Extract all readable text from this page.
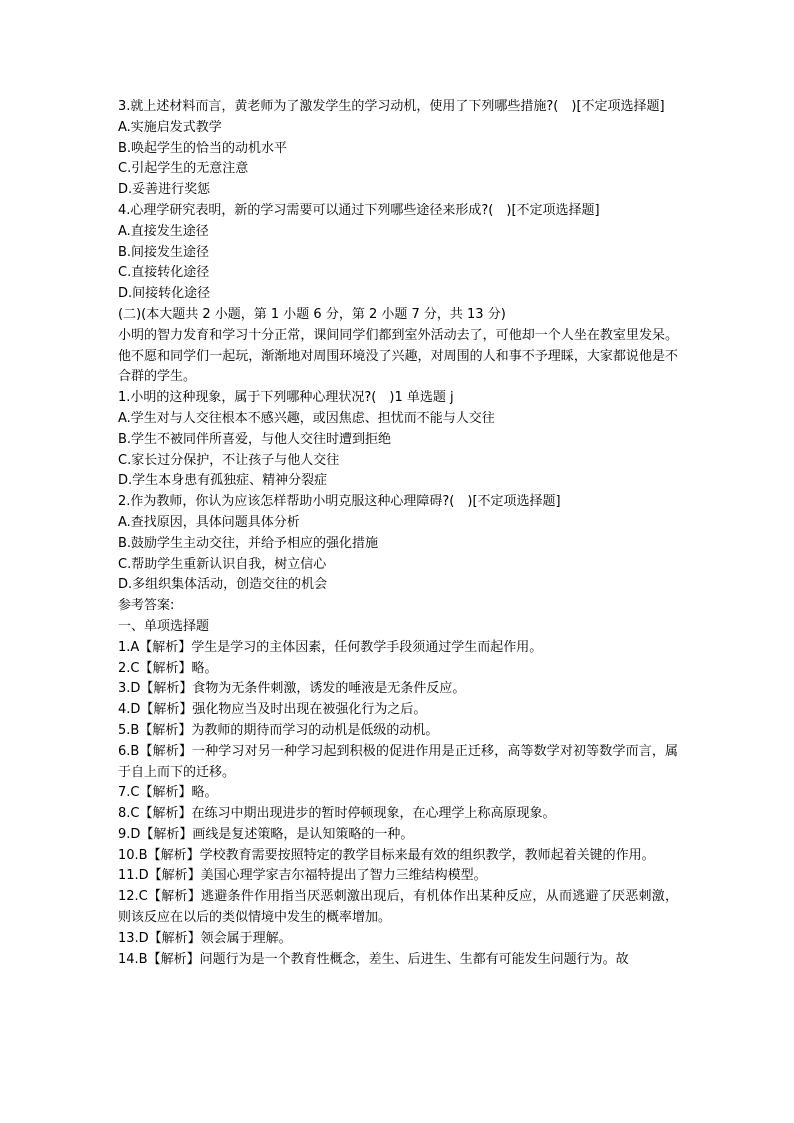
3.就上述材料而言，黄老师为了激发学生的学习动机，使用了下列哪些措施?(　)[不定项选择题]
A.实施启发式教学
B.唤起学生的恰当的动机水平
C.引起学生的无意注意
D.妥善进行奖惩
4.心理学研究表明，新的学习需要可以通过下列哪些途径来形成?(　)[不定项选择题]
A.直接发生途径
B.间接发生途径
C.直接转化途径
D.间接转化途径
(二)(本大题共 2 小题，第 1 小题 6 分，第 2 小题 7 分，共 13 分)
小明的智力发育和学习十分正常，课间同学们都到室外活动去了，可他却一个人坐在教室里发呆。他不愿和同学们一起玩，渐渐地对周围环境没了兴趣，对周围的人和事不予理睬，大家都说他是不合群的学生。
1.小明的这种现象，属于下列哪种心理状况?(　)1 单选题 j
A.学生对与人交往根本不感兴趣，或因焦虑、担忧而不能与人交往
B.学生不被同伴所喜爱，与他人交往时遭到拒绝
C.家长过分保护，不让孩子与他人交往
D.学生本身患有孤独症、精神分裂症
2.作为教师，你认为应该怎样帮助小明克服这种心理障碍?(　)[不定项选择题]
A.查找原因，具体问题具体分析
B.鼓励学生主动交往，并给予相应的强化措施
C.帮助学生重新认识自我，树立信心
D.多组织集体活动，创造交往的机会
参考答案:
一、单项选择题
1.A【解析】学生是学习的主体因素，任何教学手段须通过学生而起作用。
2.C【解析】略。
3.D【解析】食物为无条件刺激，诱发的唾液是无条件反应。
4.D【解析】强化物应当及时出现在被强化行为之后。
5.B【解析】为教师的期待而学习的动机是低级的动机。
6.B【解析】一种学习对另一种学习起到积极的促进作用是正迁移，高等数学对初等数学而言，属于自上而下的迁移。
7.C【解析】略。
8.C【解析】在练习中期出现进步的暂时停顿现象，在心理学上称高原现象。
9.D【解析】画线是复述策略，是认知策略的一种。
10.B【解析】学校教育需要按照特定的教学目标来最有效的组织教学，教师起着关键的作用。
11.D【解析】美国心理学家吉尔福特提出了智力三维结构模型。
12.C【解析】逃避条件作用指当厌恶刺激出现后，有机体作出某种反应，从而逃避了厌恶刺激，则该反应在以后的类似情境中发生的概率增加。
13.D【解析】领会属于理解。
14.B【解析】问题行为是一个教育性概念，差生、后进生、生都有可能发生问题行为。故
